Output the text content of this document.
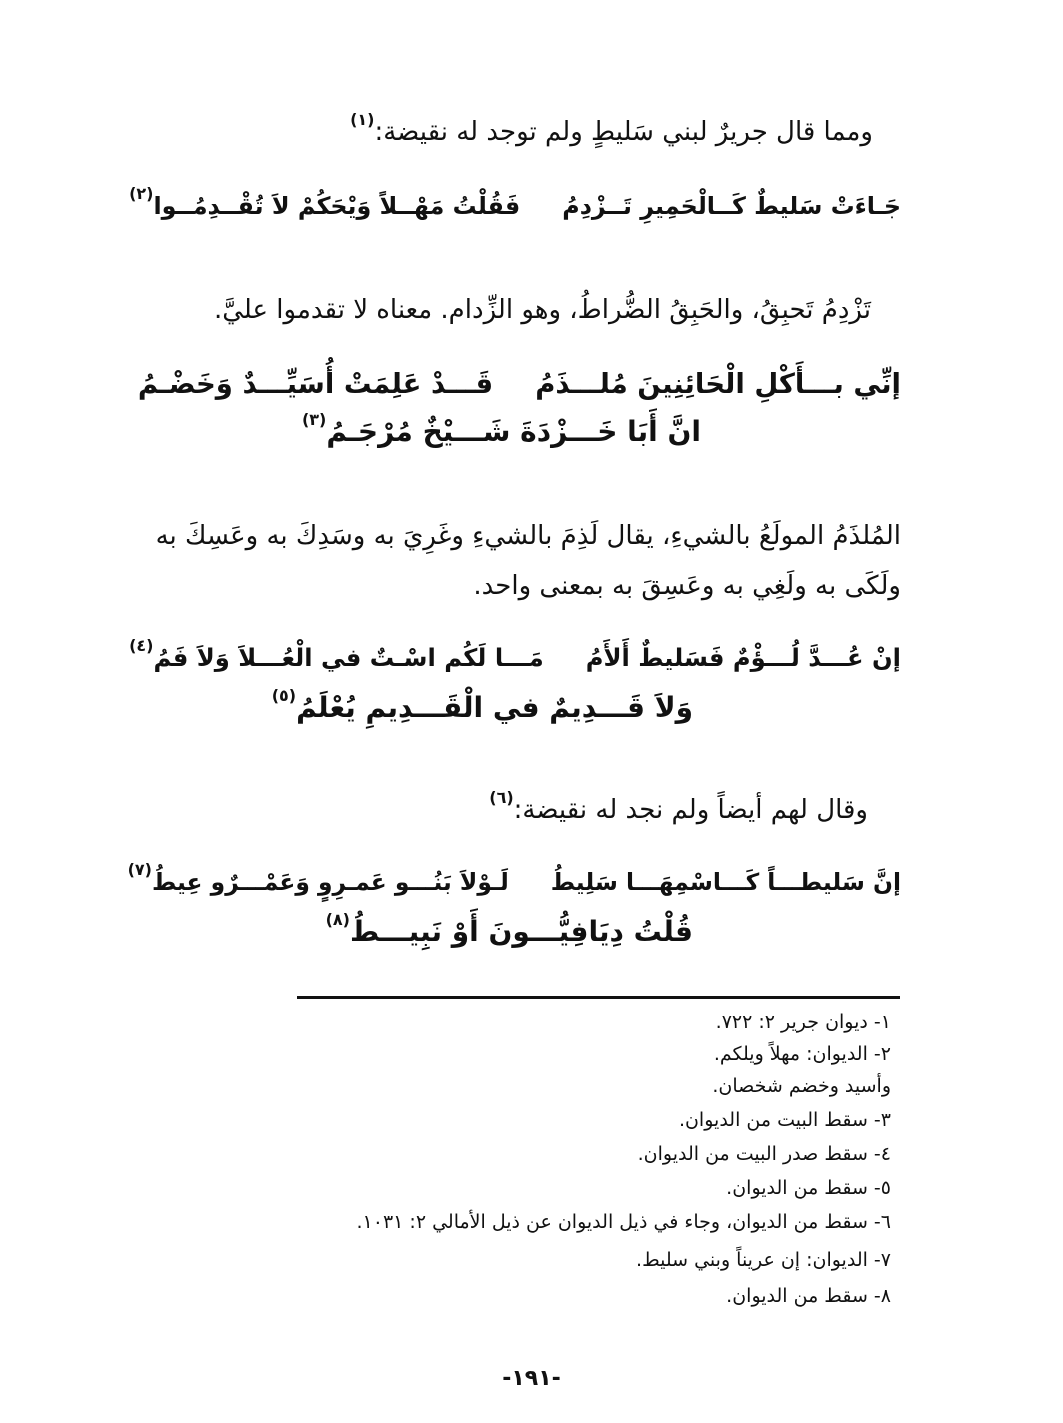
ومما قال جريرٌ لبني سَليطٍ ولم توجد له نقيضة:$^{(١)}$
جَـاءَتْ سَليطٌ كَــالْحَمِيرِ تَــزْدِمُفَقُلْتُ مَهْــلاً وَيْحَكُمْ لاَ تُقْــدِمُــوا$^{(٢)}$
تَزْدِمُ تَحبِقُ، والحَبِقُ الضُّراطُ، وهو الزِّدام. معناه لا تقدموا عليَّ.
إنِّي بـــأَكْلِ الْحَائِنِينَ مُلـــذَمُقَـــدْ عَلِمَتْ أُسَيِّـــدٌ وَخَضْـمُ
انَّ أَبَا خَـــزْدَةَ شَـــيْخٌ مُرْجَـمُ$^{(٣)}$
المُلذَمُ المولَعُ بالشيءِ، يقال لَذِمَ بالشيءِ وغَرِيَ به وسَدِكَ به وعَسِكَ به
ولَكَى به ولَغِي به وعَسِقَ به بمعنى واحد.
إنْ عُـــدَّ لُـــؤْمٌ فَسَليطٌ أَلأَمُمَـــا لَكُم اسْـتٌ في الْعُـــلاَ وَلاَ فَمُ$^{(٤)}$
وَلاَ قَـــدِيمٌ في الْقَـــدِيمِ يُعْلَمُ$^{(٥)}$
وقال لهم أيضاً ولم نجد له نقيضة:$^{(٦)}$
إنَّ سَليطـــاً كَـــاسْمِهَـــا سَلِيطُلَـوْلاَ بَنُـــو عَمـرِوٍ وَعَمْـــرٌو عِيطُ$^{(٧)}$
قُلْتُ دِيَافِيُّـــونَ أَوْ نَبِيـــطُ$^{(٨)}$
١- ديوان جرير ٢: ٧٢٢.
٢- الديوان: مهلاً ويلكم.
وأسيد وخضم شخصان.
٣- سقط البيت من الديوان.
٤- سقط صدر البيت من الديوان.
٥- سقط من الديوان.
٦- سقط من الديوان، وجاء في ذيل الديوان عن ذيل الأمالي ٢: ١٠٣١.
٧- الديوان: إن عريناً وبني سليط.
٨- سقط من الديوان.
-١٩١-
